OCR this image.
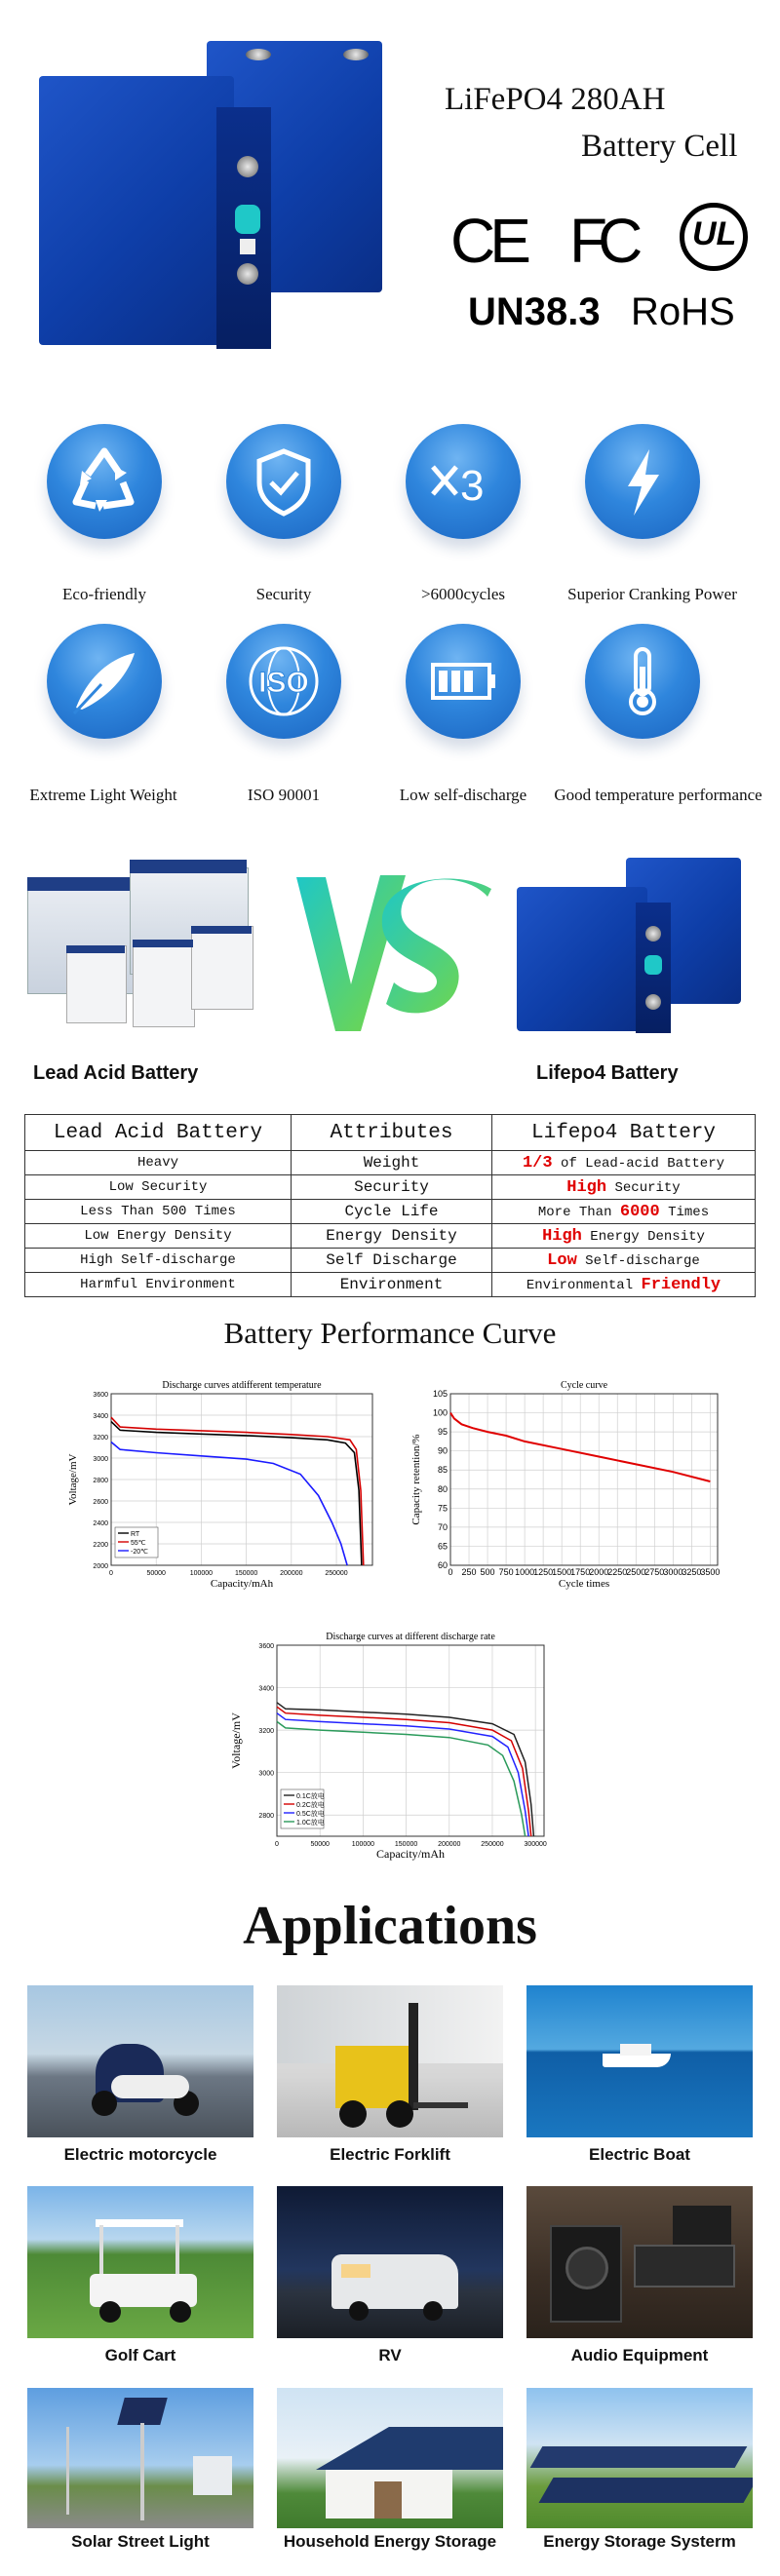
LiFePO4 280AH
Battery Cell
CE FC UL
UN38.3 RoHS
3
Eco-friendly	Security	>6000cycles	Superior Cranking Power
ISO
Extreme Light Weight	ISO 90001	Low self-discharge	Good temperature performance
VS
Lead Acid Battery	Lifepo4 Battery
Lead Acid Battery	Attributes	Lifepo4 Battery
Heavy	Weight	1/3 of Lead-acid Battery
Low Security	Security	High Security
Less Than 500 Times	Cycle Life	More Than 6000 Times
Low Energy Density	Energy Density	High Energy Density
High Self-discharge	Self Discharge	Low Self-discharge
Harmful Environment	Environment	Environmental Friendly
Battery Performance Curve
Discharge curves atdifferent temperature
0	50000	100000	150000	200000	250000
2000
2200
2400
2600
2800
3000
3200
3400
3600
Capacity/mAh
Voltage/mV
RT
55℃
-20℃
Cycle curve
0 250 500 750 1000
1250
1500
1750
2000
2250
2500
2750
3000
3250
3500
60
65
70
75
80
85
90
95
100
105
Cycle times
Capacity retention/%
Discharge curves at different discharge rate
0	50000	100000	150000	200000	250000	300000
2800
3000
3200
3400
3600
Capacity/mAh
Voltage/mV
0.1C放电
0.2C放电
0.5C放电
1.0C放电
Applications
Electric motorcycle	Electric Forklift	Electric Boat
Golf Cart	RV	Audio Equipment
Solar Street Light	Household Energy Storage	Energy Storage Systerm
